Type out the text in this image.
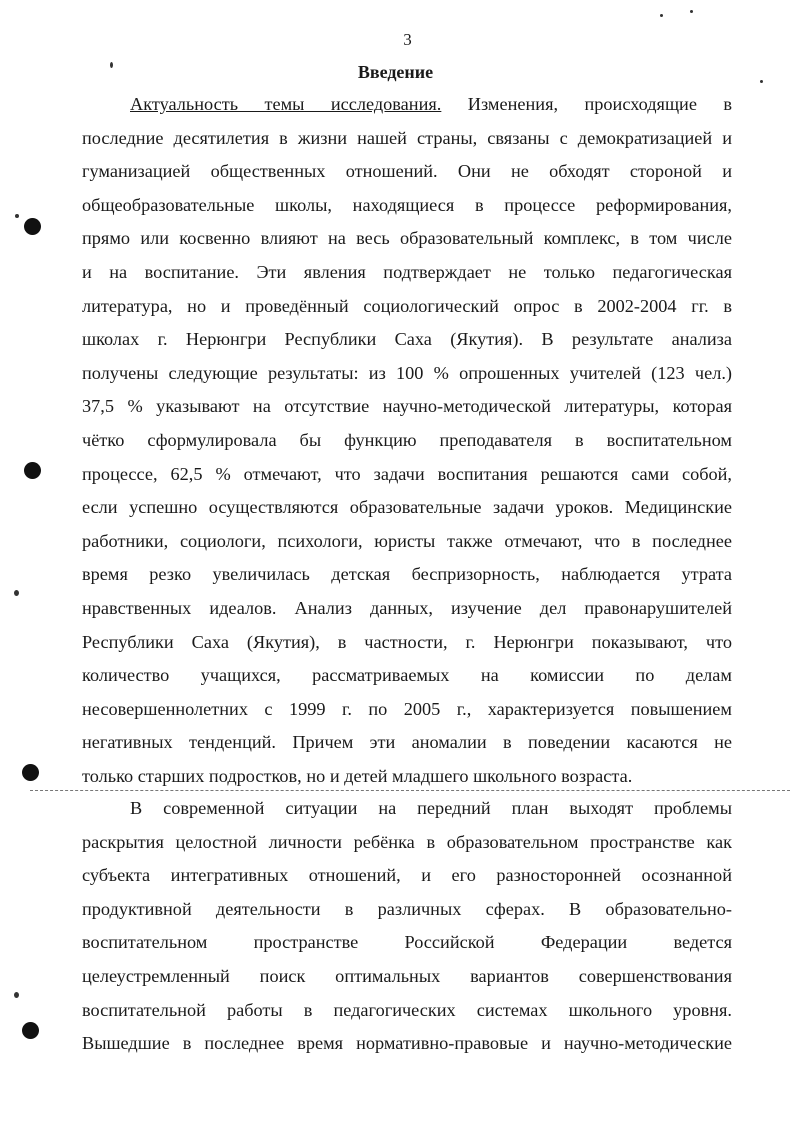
3
Введение
Актуальность темы исследования. Изменения, происходящие в
последние десятилетия в жизни нашей страны, связаны с демократизацией и
гуманизацией общественных отношений. Они не обходят стороной и
общеобразовательные школы, находящиеся в процессе реформирования,
прямо или косвенно влияют на весь образовательный комплекс, в том числе
и на воспитание. Эти явления подтверждает не только педагогическая
литература, но и проведённый социологический опрос в 2002-2004 гг. в
школах г. Нерюнгри Республики Саха (Якутия). В результате анализа
получены следующие результаты: из 100 % опрошенных учителей (123 чел.)
37,5 % указывают на отсутствие научно-методической литературы, которая
чётко сформулировала бы функцию преподавателя в воспитательном
процессе, 62,5 % отмечают, что задачи воспитания решаются сами собой,
если успешно осуществляются образовательные задачи уроков. Медицинские
работники, социологи, психологи, юристы также отмечают, что в последнее
время резко увеличилась детская беспризорность, наблюдается утрата
нравственных идеалов. Анализ данных, изучение дел правонарушителей
Республики Саха (Якутия), в частности, г. Нерюнгри показывают, что
количество учащихся, рассматриваемых на комиссии по делам
несовершеннолетних с 1999 г. по 2005 г., характеризуется повышением
негативных тенденций. Причем эти аномалии в поведении касаются не
только старших подростков, но и детей младшего школьного возраста.
В современной ситуации на передний план выходят проблемы
раскрытия целостной личности ребёнка в образовательном пространстве как
субъекта интегративных отношений, и его разносторонней осознанной
продуктивной деятельности в различных сферах. В образовательно-
воспитательном пространстве Российской Федерации ведется
целеустремленный поиск оптимальных вариантов совершенствования
воспитательной работы в педагогических системах школьного уровня.
Вышедшие в последнее время нормативно-правовые и научно-методические
